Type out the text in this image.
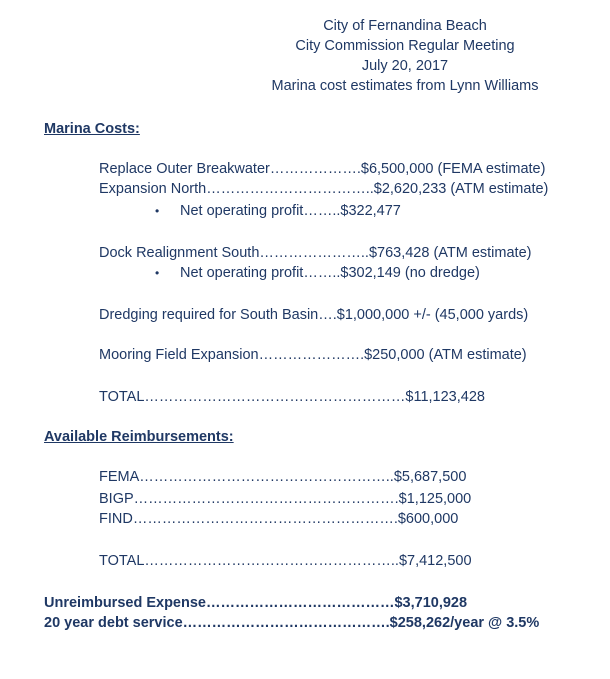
City of Fernandina Beach
City Commission Regular Meeting
July 20, 2017
Marina cost estimates from Lynn Williams
Marina Costs:
Replace Outer Breakwater……………….$6,500,000 (FEMA estimate)
Expansion North……………………………..$2,620,233 (ATM estimate)
• Net operating profit……..$322,477
Dock Realignment South…………………..$763,428 (ATM estimate)
• Net operating profit……..$302,149 (no dredge)
Dredging required for South Basin….$1,000,000 +/- (45,000 yards)
Mooring Field Expansion………………….$250,000 (ATM estimate)
TOTAL………………………………………………$11,123,428
Available Reimbursements:
FEMA……………………………………………..$5,687,500
BIGP……………………………………………….$1,125,000
FIND……………………………………………….$600,000
TOTAL……………………………………………..$7,412,500
Unreimbursed Expense…………………………………$3,710,928
20 year debt service…………………………………….$258,262/year @ 3.5%
